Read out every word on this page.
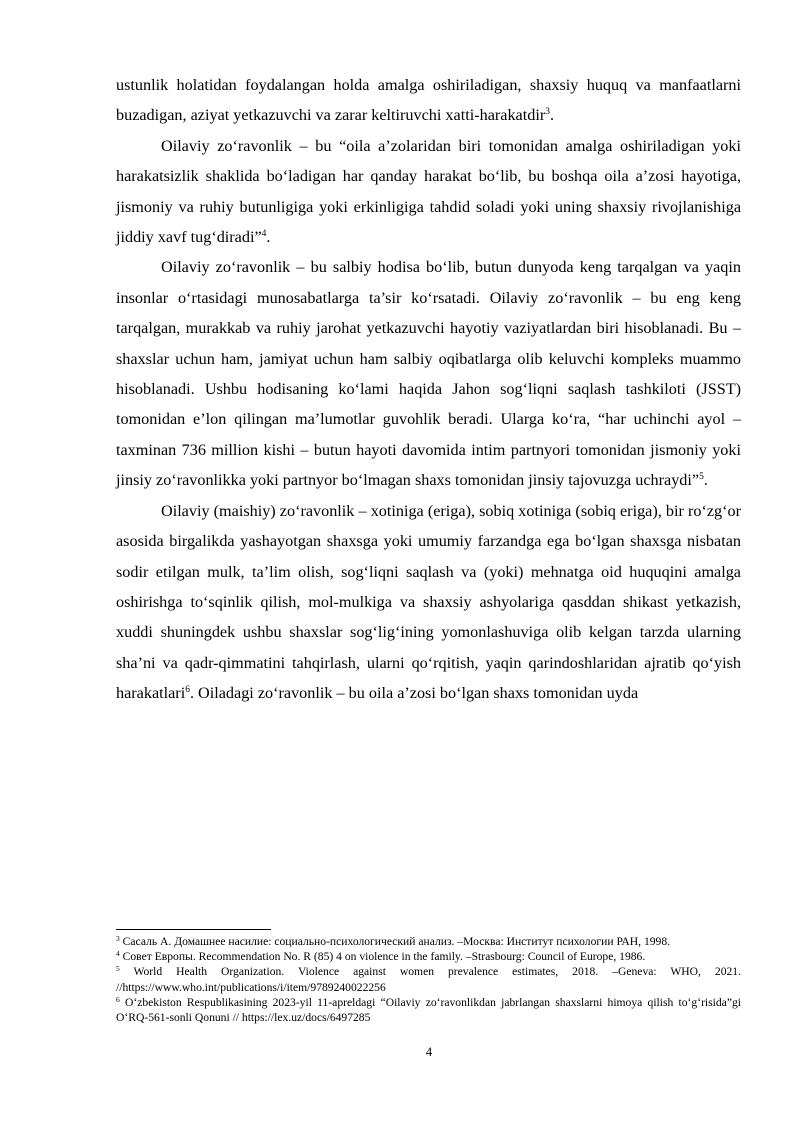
ustunlik holatidan foydalangan holda amalga oshiriladigan, shaxsiy huquq va manfaatlarni buzadigan, aziyat yetkazuvchi va zarar keltiruvchi xatti-harakatdir$^3$.

Oilaviy zo‘ravonlik – bu “oila a’zolaridan biri tomonidan amalga oshiriladigan yoki harakatsizlik shaklida bo‘ladigan har qanday harakat bo‘lib, bu boshqa oila a’zosi hayotiga, jismoniy va ruhiy butunligiga yoki erkinligiga tahdid soladi yoki uning shaxsiy rivojlanishiga jiddiy xavf tug‘diradi”$^4$.

Oilaviy zo‘ravonlik – bu salbiy hodisa bo‘lib, butun dunyoda keng tarqalgan va yaqin insonlar o‘rtasidagi munosabatlarga ta’sir ko‘rsatadi. Oilaviy zo‘ravonlik – bu eng keng tarqalgan, murakkab va ruhiy jarohat yetkazuvchi hayotiy vaziyatlardan biri hisoblanadi. Bu – shaxslar uchun ham, jamiyat uchun ham salbiy oqibatlarga olib keluvchi kompleks muammo hisoblanadi. Ushbu hodisaning ko‘lami haqida Jahon sog‘liqni saqlash tashkiloti (JSST) tomonidan e’lon qilingan ma’lumotlar guvohlik beradi. Ularga ko‘ra, “har uchinchi ayol – taxminan 736 million kishi – butun hayoti davomida intim partnyori tomonidan jismoniy yoki jinsiy zo‘ravonlikka yoki partnyor bo‘lmagan shaxs tomonidan jinsiy tajovuzga uchraydi”$^5$.

Oilaviy (maishiy) zo‘ravonlik – xotiniga (eriga), sobiq xotiniga (sobiq eriga), bir ro‘zg‘or asosida birgalikda yashayotgan shaxsga yoki umumiy farzandga ega bo‘lgan shaxsga nisbatan sodir etilgan mulk, ta’lim olish, sog‘liqni saqlash va (yoki) mehnatga oid huquqini amalga oshirishga to‘sqinlik qilish, mol-mulkiga va shaxsiy ashyolariga qasddan shikast yetkazish, xuddi shuningdek ushbu shaxslar sog‘lig‘ining yomonlashuviga olib kelgan tarzda ularning sha’ni va qadr-qimmatini tahqirlash, ularni qo‘rqitish, yaqin qarindoshlaridan ajratib qo‘yish harakatlari$^6$. Oiladagi zo‘ravonlik – bu oila a’zosi bo‘lgan shaxs tomonidan uyda

$^3$ Сасаль А. Домашнее насилие: социально-психологический анализ. –Москва: Институт психологии РАН, 1998.

$^4$ Совет Европы. Recommendation No. R (85) 4 on violence in the family. –Strasbourg: Council of Europe, 1986.

$^5$ World Health Organization. Violence against women prevalence estimates, 2018. –Geneva: WHO, 2021. //https://www.who.int/publications/i/item/9789240022256

$^6$ O‘zbekiston Respublikasining 2023-yil 11-apreldagi “Oilaviy zo‘ravonlikdan jabrlangan shaxslarni himoya qilish to‘g‘risida”gi O‘RQ-561-sonli Qonuni // https://lex.uz/docs/6497285

4
